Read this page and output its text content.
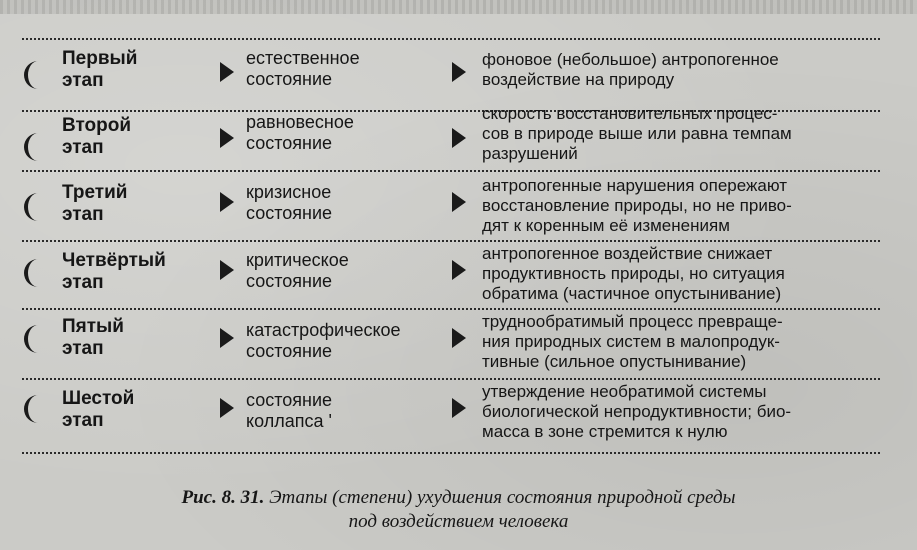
Первый
этап
естественное
состояние
фоновое (небольшое) антропогенное
воздействие на природу
Второй
этап
равновесное
состояние
скорость восстановительных процес-
сов в природе выше или равна темпам
разрушений
Третий
этап
кризисное
состояние
антропогенные нарушения опережают
восстановление природы, но не приво-
дят к коренным её изменениям
Четвёртый
этап
критическое
состояние
антропогенное воздействие снижает
продуктивность природы, но ситуация
обратима (частичное опустынивание)
Пятый
этап
катастрофическое
состояние
труднообратимый процесс превраще-
ния природных систем в малопродук-
тивные (сильное опустынивание)
Шестой
этап
состояние
коллапса '
утверждение необратимой системы
биологической непродуктивности; био-
масса в зоне стремится к нулю
Рис. 8. 31. Этапы (степени) ухудшения состояния природной среды
под воздействием человека
